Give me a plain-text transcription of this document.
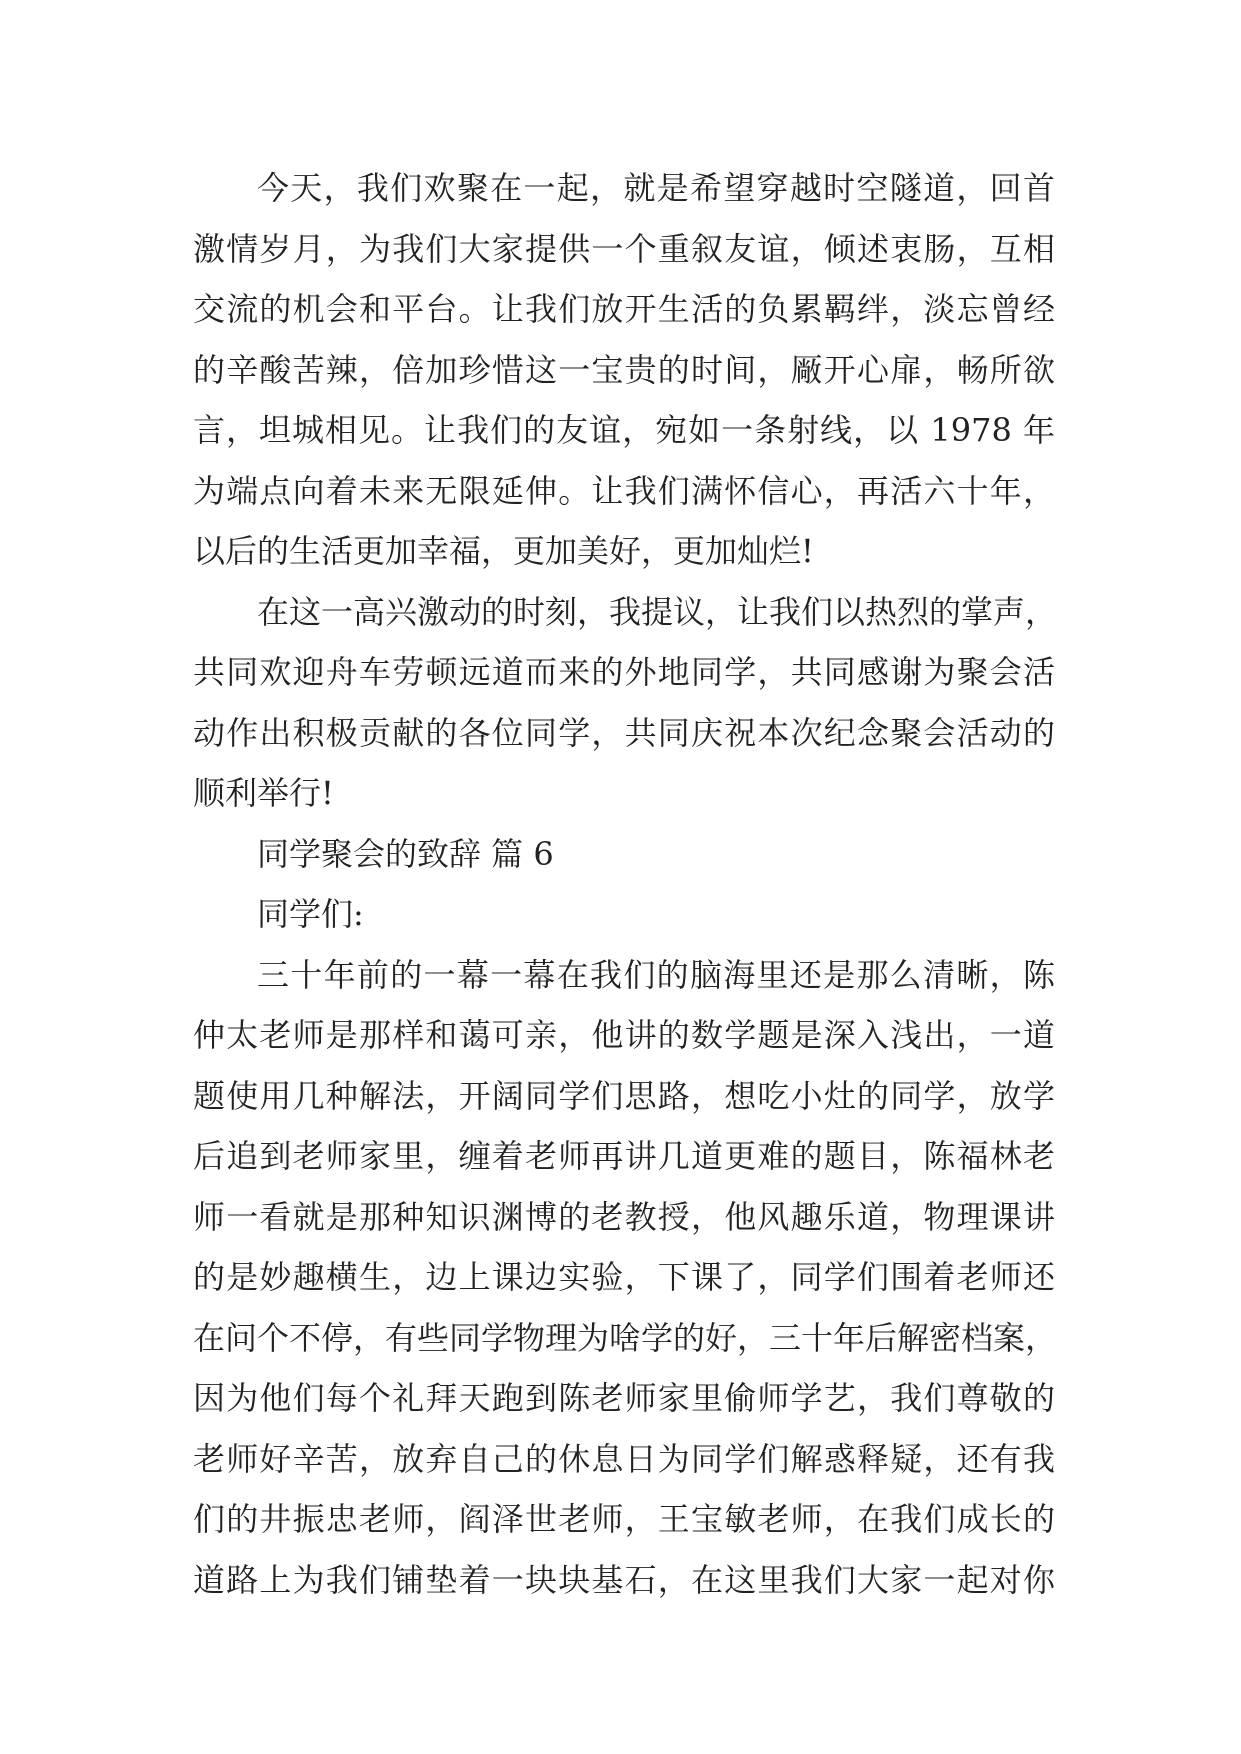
今天，我们欢聚在一起，就是希望穿越时空隧道，回首
激情岁月，为我们大家提供一个重叙友谊，倾述衷肠，互相
交流的机会和平台。让我们放开生活的负累羁绊，淡忘曾经
的辛酸苦辣，倍加珍惜这一宝贵的时间，厰开心扉，畅所欲
言，坦城相见。让我们的友谊，宛如一条射线，以 1978 年
为端点向着未来无限延伸。让我们满怀信心，再活六十年，
以后的生活更加幸福，更加美好，更加灿烂!
在这一高兴激动的时刻，我提议，让我们以热烈的掌声，
共同欢迎舟车劳顿远道而来的外地同学，共同感谢为聚会活
动作出积极贡献的各位同学，共同庆祝本次纪念聚会活动的
顺利举行!
同学聚会的致辞 篇 6
同学们:
三十年前的一幕一幕在我们的脑海里还是那么清晰，陈
仲太老师是那样和蔼可亲，他讲的数学题是深入浅出，一道
题使用几种解法，开阔同学们思路，想吃小灶的同学，放学
后追到老师家里，缠着老师再讲几道更难的题目，陈福林老
师一看就是那种知识渊博的老教授，他风趣乐道，物理课讲
的是妙趣横生，边上课边实验，下课了，同学们围着老师还
在问个不停，有些同学物理为啥学的好，三十年后解密档案，
因为他们每个礼拜天跑到陈老师家里偷师学艺，我们尊敬的
老师好辛苦，放弃自己的休息日为同学们解惑释疑，还有我
们的井振忠老师，阎泽世老师，王宝敏老师，在我们成长的
道路上为我们铺垫着一块块基石，在这里我们大家一起对你
